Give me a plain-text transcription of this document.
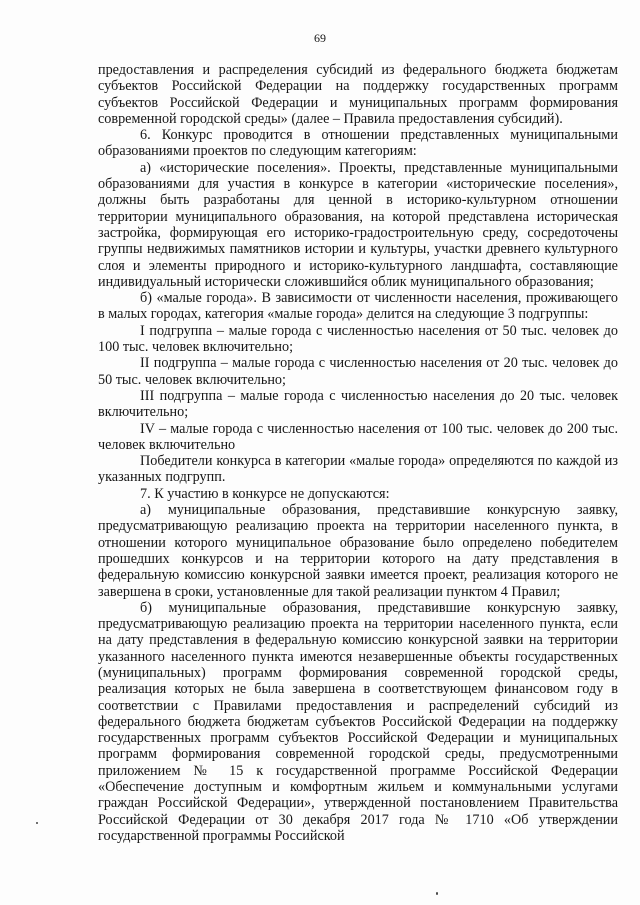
69

предоставления и распределения субсидий из федерального бюджета бюджетам субъектов Российской Федерации на поддержку государственных программ субъектов Российской Федерации и муниципальных программ формирования современной городской среды» (далее – Правила предоставления субсидий).

6. Конкурс проводится в отношении представленных муниципальными образованиями проектов по следующим категориям:

а) «исторические поселения». Проекты, представленные муниципальными образованиями для участия в конкурсе в категории «исторические поселения», должны быть разработаны для ценной в историко-культурном отношении территории муниципального образования, на которой представлена историческая застройка, формирующая его историко-градостроительную среду, сосредоточены группы недвижимых памятников истории и культуры, участки древнего культурного слоя и элементы природного и историко-культурного ландшафта, составляющие индивидуальный исторически сложившийся облик муниципального образования;

б) «малые города». В зависимости от численности населения, проживающего в малых городах, категория «малые города» делится на следующие 3 подгруппы:

I подгруппа – малые города с численностью населения от 50 тыс. человек до 100 тыс. человек включительно;

II подгруппа – малые города с численностью населения от 20 тыс. человек до 50 тыс. человек включительно;

III подгруппа – малые города с численностью населения до 20 тыс. человек включительно;

IV – малые города с численностью населения от 100 тыс. человек до 200 тыс. человек включительно

Победители конкурса в категории «малые города» определяются по каждой из указанных подгрупп.

7. К участию в конкурсе не допускаются:

а) муниципальные образования, представившие конкурсную заявку, предусматривающую реализацию проекта на территории населенного пункта, в отношении которого муниципальное образование было определено победителем прошедших конкурсов и на территории которого на дату представления в федеральную комиссию конкурсной заявки имеется проект, реализация которого не завершена в сроки, установленные для такой реализации пунктом 4 Правил;

б) муниципальные образования, представившие конкурсную заявку, предусматривающую реализацию проекта на территории населенного пункта, если на дату представления в федеральную комиссию конкурсной заявки на территории указанного населенного пункта имеются незавершенные объекты государственных (муниципальных) программ формирования современной городской среды, реализация которых не была завершена в соответствующем финансовом году в соответствии с Правилами предоставления и распределений субсидий из федерального бюджета бюджетам субъектов Российской Федерации на поддержку государственных программ субъектов Российской Федерации и муниципальных программ формирования современной городской среды, предусмотренными приложением № 15 к государственной программе Российской Федерации «Обеспечение доступным и комфортным жильем и коммунальными услугами граждан Российской Федерации», утвержденной постановлением Правительства Российской Федерации от 30 декабря 2017 года № 1710 «Об утверждении государственной программы Российской
